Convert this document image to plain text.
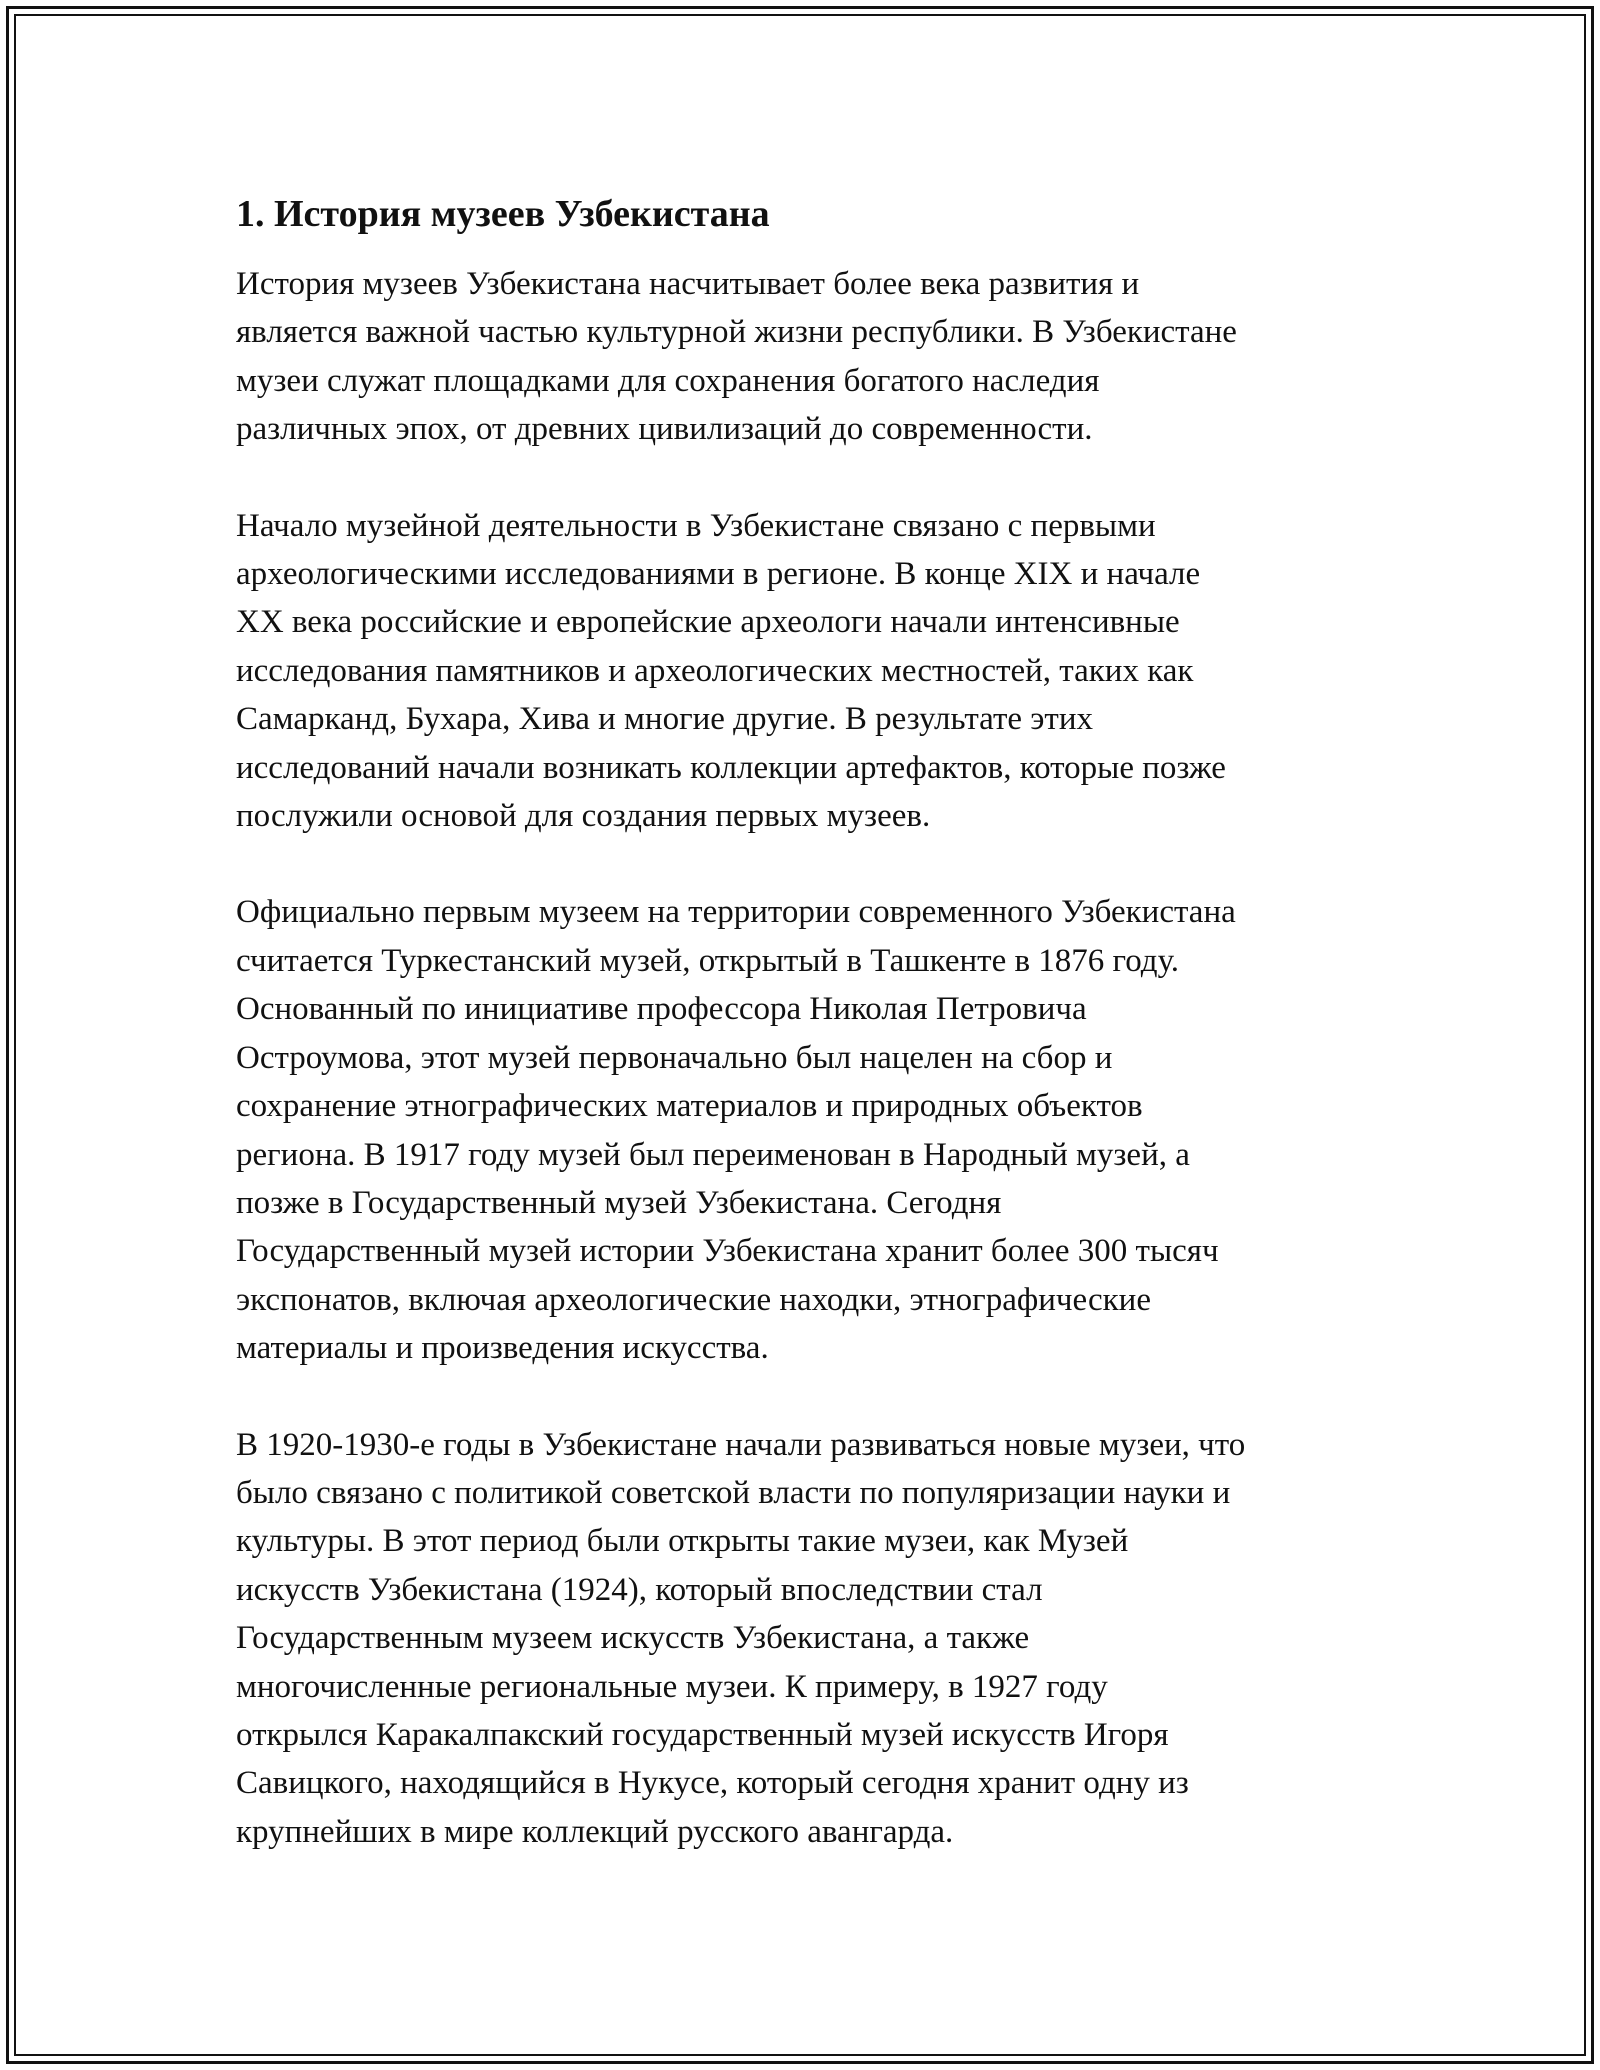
1. История музеев Узбекистана

История музеев Узбекистана насчитывает более века развития и
является важной частью культурной жизни республики. В Узбекистане
музеи служат площадками для сохранения богатого наследия
различных эпох, от древних цивилизаций до современности.

Начало музейной деятельности в Узбекистане связано с первыми
археологическими исследованиями в регионе. В конце XIX и начале
XX века российские и европейские археологи начали интенсивные
исследования памятников и археологических местностей, таких как
Самарканд, Бухара, Хива и многие другие. В результате этих
исследований начали возникать коллекции артефактов, которые позже
послужили основой для создания первых музеев.

Официально первым музеем на территории современного Узбекистана
считается Туркестанский музей, открытый в Ташкенте в 1876 году.
Основанный по инициативе профессора Николая Петровича
Остроумова, этот музей первоначально был нацелен на сбор и
сохранение этнографических материалов и природных объектов
региона. В 1917 году музей был переименован в Народный музей, а
позже в Государственный музей Узбекистана. Сегодня
Государственный музей истории Узбекистана хранит более 300 тысяч
экспонатов, включая археологические находки, этнографические
материалы и произведения искусства.

В 1920-1930-е годы в Узбекистане начали развиваться новые музеи, что
было связано с политикой советской власти по популяризации науки и
культуры. В этот период были открыты такие музеи, как Музей
искусств Узбекистана (1924), который впоследствии стал
Государственным музеем искусств Узбекистана, а также
многочисленные региональные музеи. К примеру, в 1927 году
открылся Каракалпакский государственный музей искусств Игоря
Савицкого, находящийся в Нукусе, который сегодня хранит одну из
крупнейших в мире коллекций русского авангарда.
